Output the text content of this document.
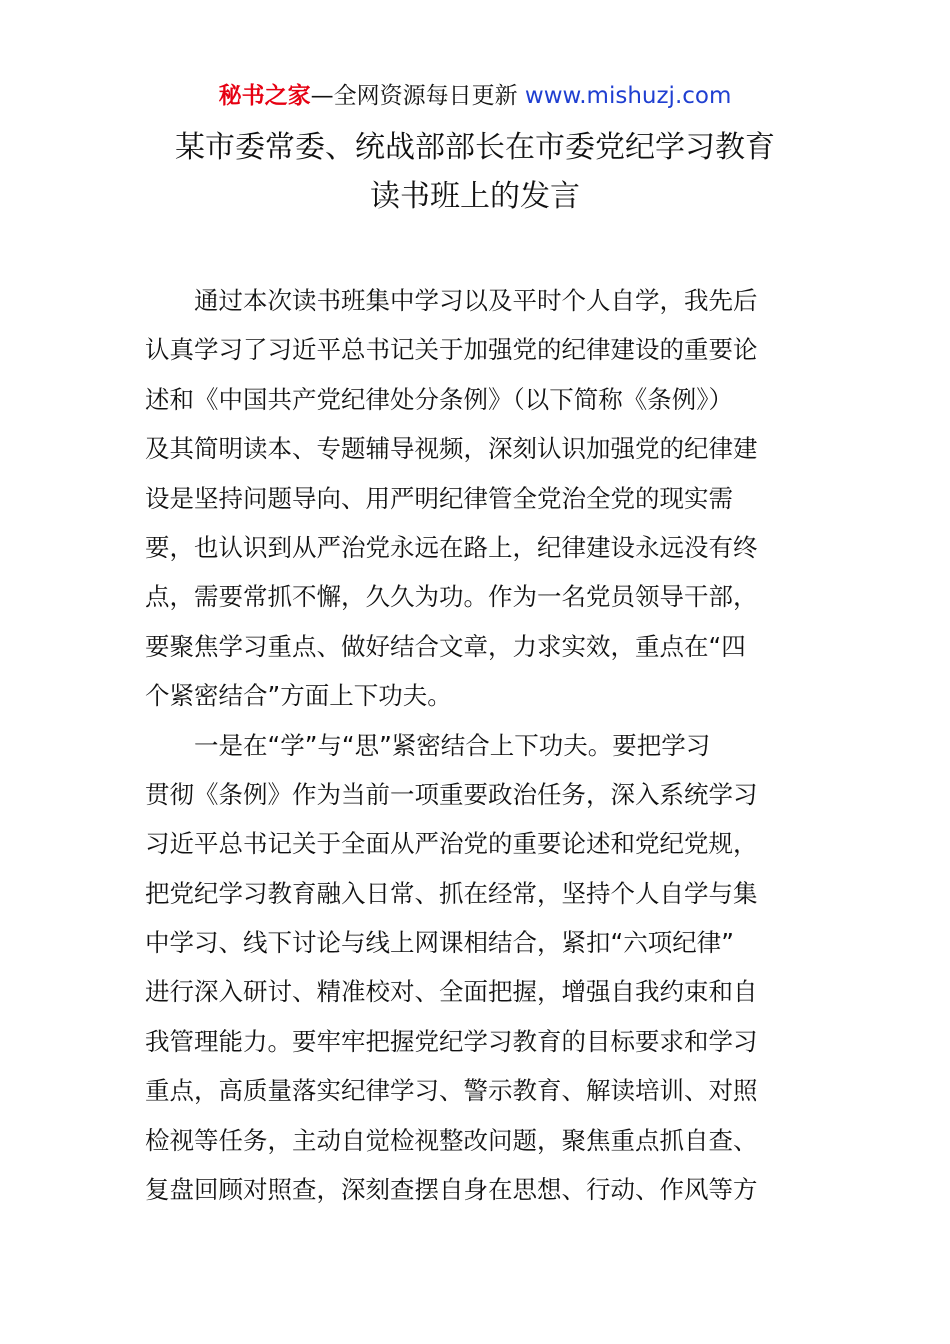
秘书之家—全网资源每日更新 www.mishuzj.com
某市委常委、统战部部长在市委党纪学习教育
读书班上的发言
　　通过本次读书班集中学习以及平时个人自学，我先后
认真学习了习近平总书记关于加强党的纪律建设的重要论
述和《中国共产党纪律处分条例》（以下简称《条例》）
及其简明读本、专题辅导视频，深刻认识加强党的纪律建
设是坚持问题导向、用严明纪律管全党治全党的现实需
要，也认识到从严治党永远在路上，纪律建设永远没有终
点，需要常抓不懈，久久为功。作为一名党员领导干部，
要聚焦学习重点、做好结合文章，力求实效，重点在“四
个紧密结合”方面上下功夫。
　　一是在“学”与“思”紧密结合上下功夫。要把学习
贯彻《条例》作为当前一项重要政治任务，深入系统学习
习近平总书记关于全面从严治党的重要论述和党纪党规，
把党纪学习教育融入日常、抓在经常，坚持个人自学与集
中学习、线下讨论与线上网课相结合，紧扣“六项纪律”
进行深入研讨、精准校对、全面把握，增强自我约束和自
我管理能力。要牢牢把握党纪学习教育的目标要求和学习
重点，高质量落实纪律学习、警示教育、解读培训、对照
检视等任务，主动自觉检视整改问题，聚焦重点抓自查、
复盘回顾对照查，深刻查摆自身在思想、行动、作风等方
